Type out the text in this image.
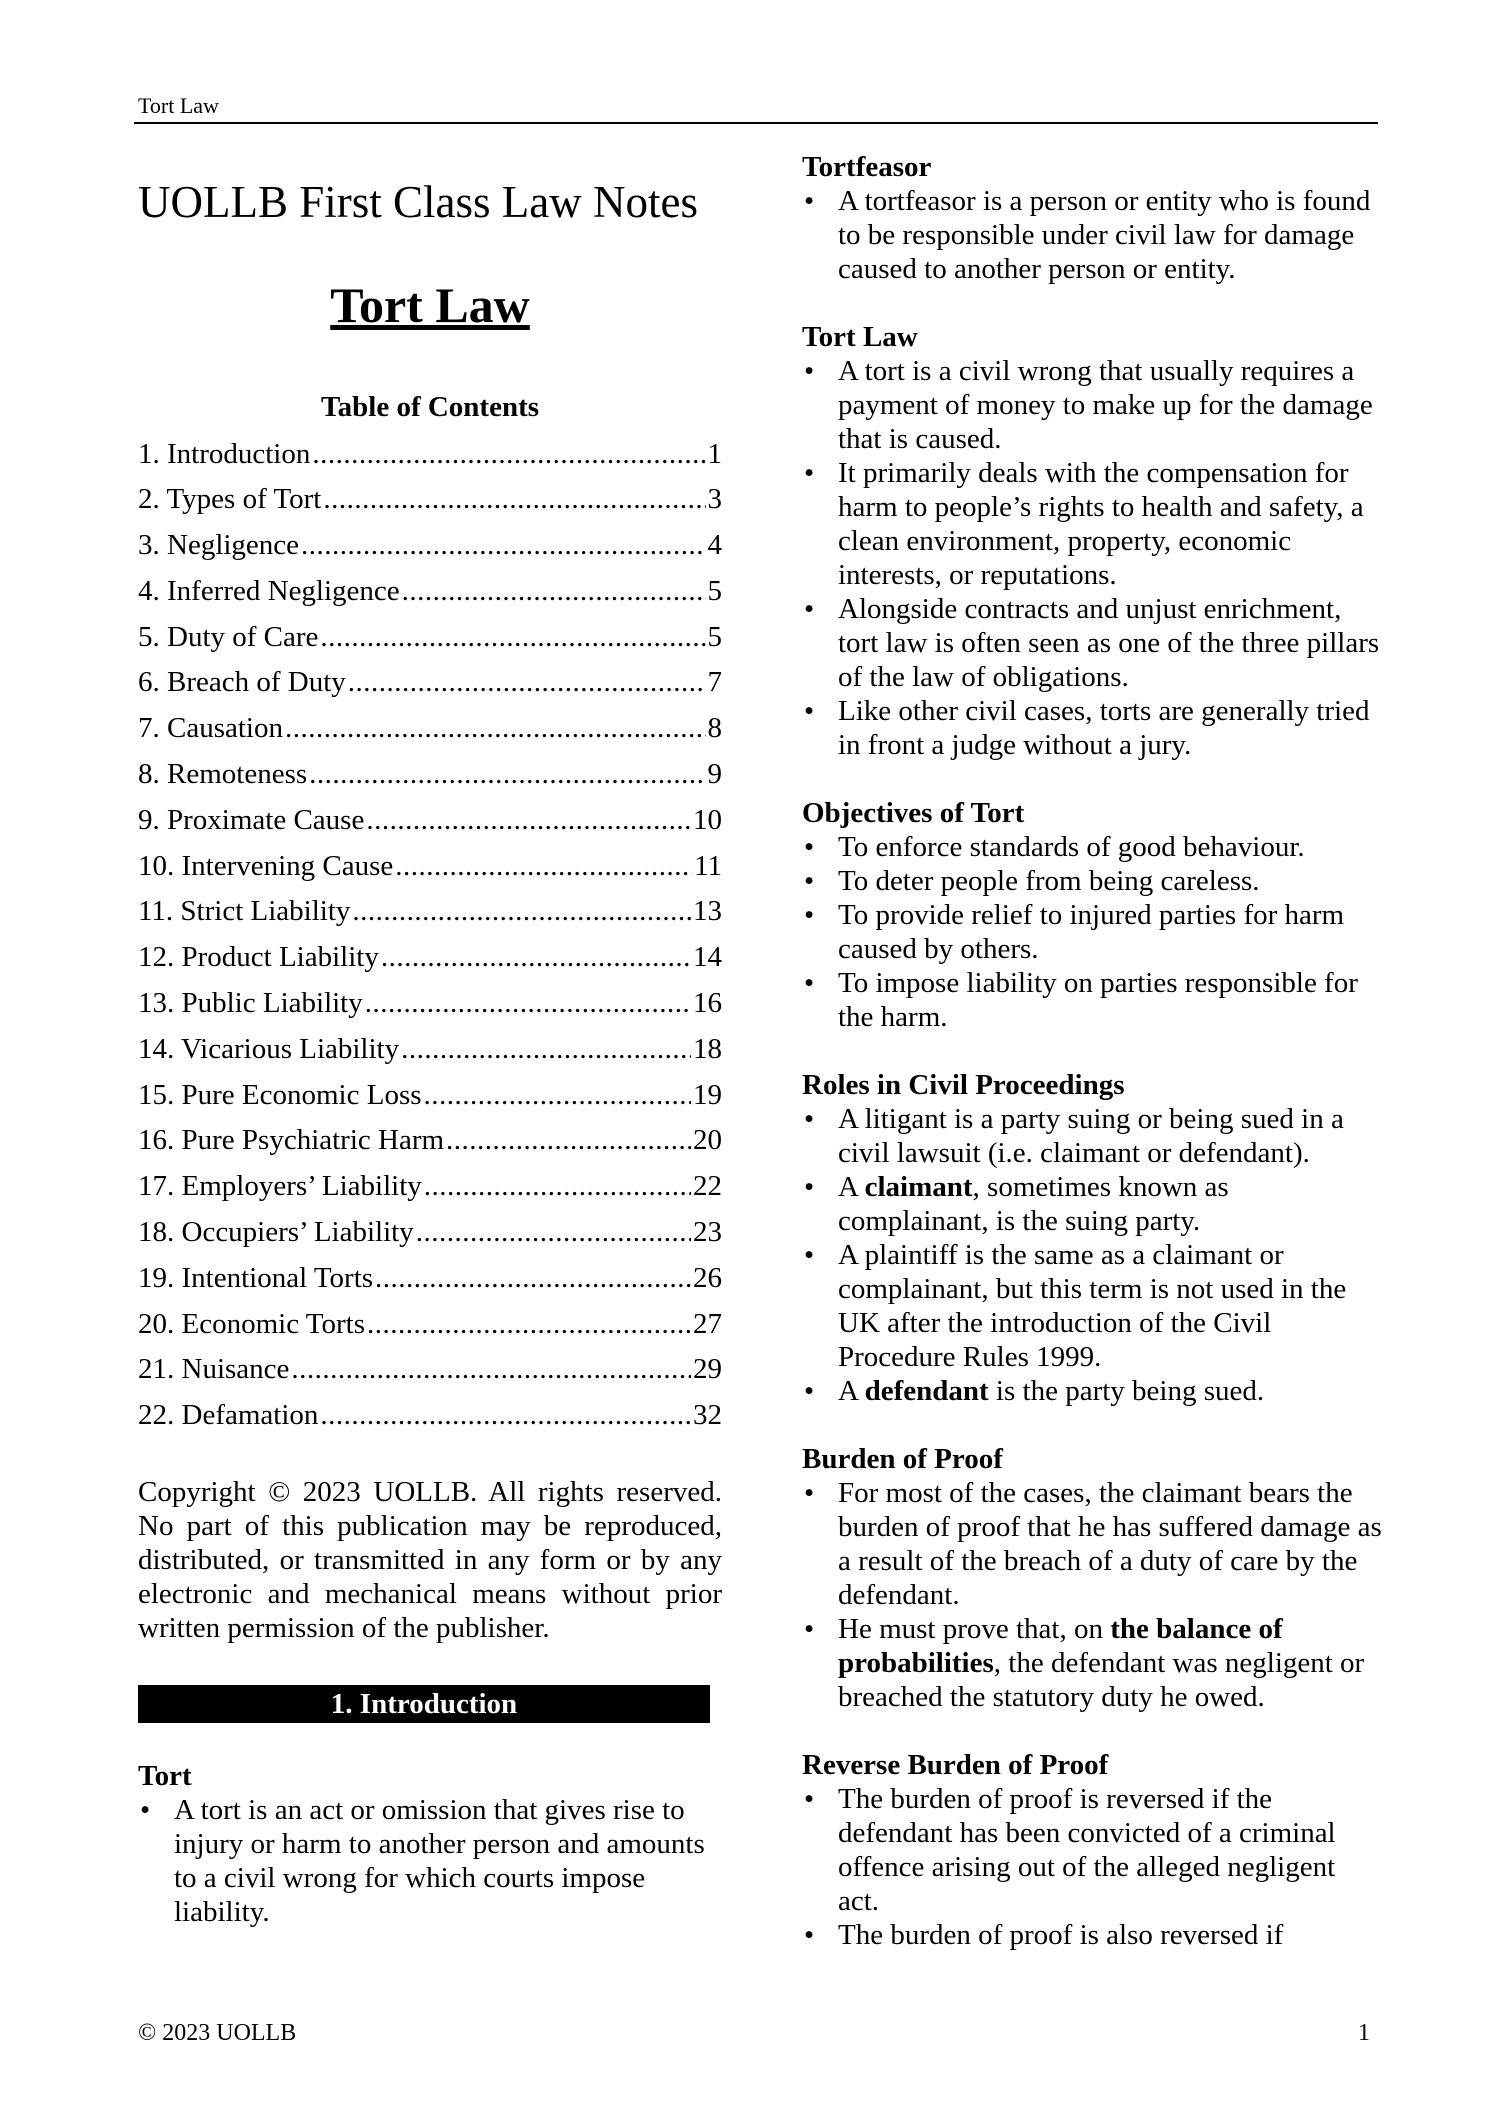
Tort Law
UOLLB First Class Law Notes
Tort Law
Table of Contents
1. Introduction .....	1
2. Types of Tort .....	3
3. Negligence .....	4
4. Inferred Negligence .....	5
5. Duty of Care .....	5
6. Breach of Duty .....	7
7. Causation .....	8
8. Remoteness .....	9
9. Proximate Cause .....	10
10. Intervening Cause .....	11
11. Strict Liability .....	13
12. Product Liability .....	14
13. Public Liability .....	16
14. Vicarious Liability .....	18
15. Pure Economic Loss .....	19
16. Pure Psychiatric Harm .....	20
17. Employers’ Liability .....	22
18. Occupiers’ Liability .....	23
19. Intentional Torts .....	26
20. Economic Torts .....	27
21. Nuisance .....	29
22. Defamation .....	32
Copyright © 2023 UOLLB. All rights reserved. No part of this publication may be reproduced, distributed, or transmitted in any form or by any electronic and mechanical means without prior written permission of the publisher.
1. Introduction
Tort
• A tort is an act or omission that gives rise to injury or harm to another person and amounts to a civil wrong for which courts impose liability.
Tortfeasor
• A tortfeasor is a person or entity who is found to be responsible under civil law for damage caused to another person or entity.
Tort Law
• A tort is a civil wrong that usually requires a payment of money to make up for the damage that is caused.
• It primarily deals with the compensation for harm to people’s rights to health and safety, a clean environment, property, economic interests, or reputations.
• Alongside contracts and unjust enrichment, tort law is often seen as one of the three pillars of the law of obligations.
• Like other civil cases, torts are generally tried in front a judge without a jury.
Objectives of Tort
• To enforce standards of good behaviour.
• To deter people from being careless.
• To provide relief to injured parties for harm caused by others.
• To impose liability on parties responsible for the harm.
Roles in Civil Proceedings
• A litigant is a party suing or being sued in a civil lawsuit (i.e. claimant or defendant).
• A claimant, sometimes known as complainant, is the suing party.
• A plaintiff is the same as a claimant or complainant, but this term is not used in the UK after the introduction of the Civil Procedure Rules 1999.
• A defendant is the party being sued.
Burden of Proof
• For most of the cases, the claimant bears the burden of proof that he has suffered damage as a result of the breach of a duty of care by the defendant.
• He must prove that, on the balance of probabilities, the defendant was negligent or breached the statutory duty he owed.
Reverse Burden of Proof
• The burden of proof is reversed if the defendant has been convicted of a criminal offence arising out of the alleged negligent act.
• The burden of proof is also reversed if
© 2023 UOLLB	1
